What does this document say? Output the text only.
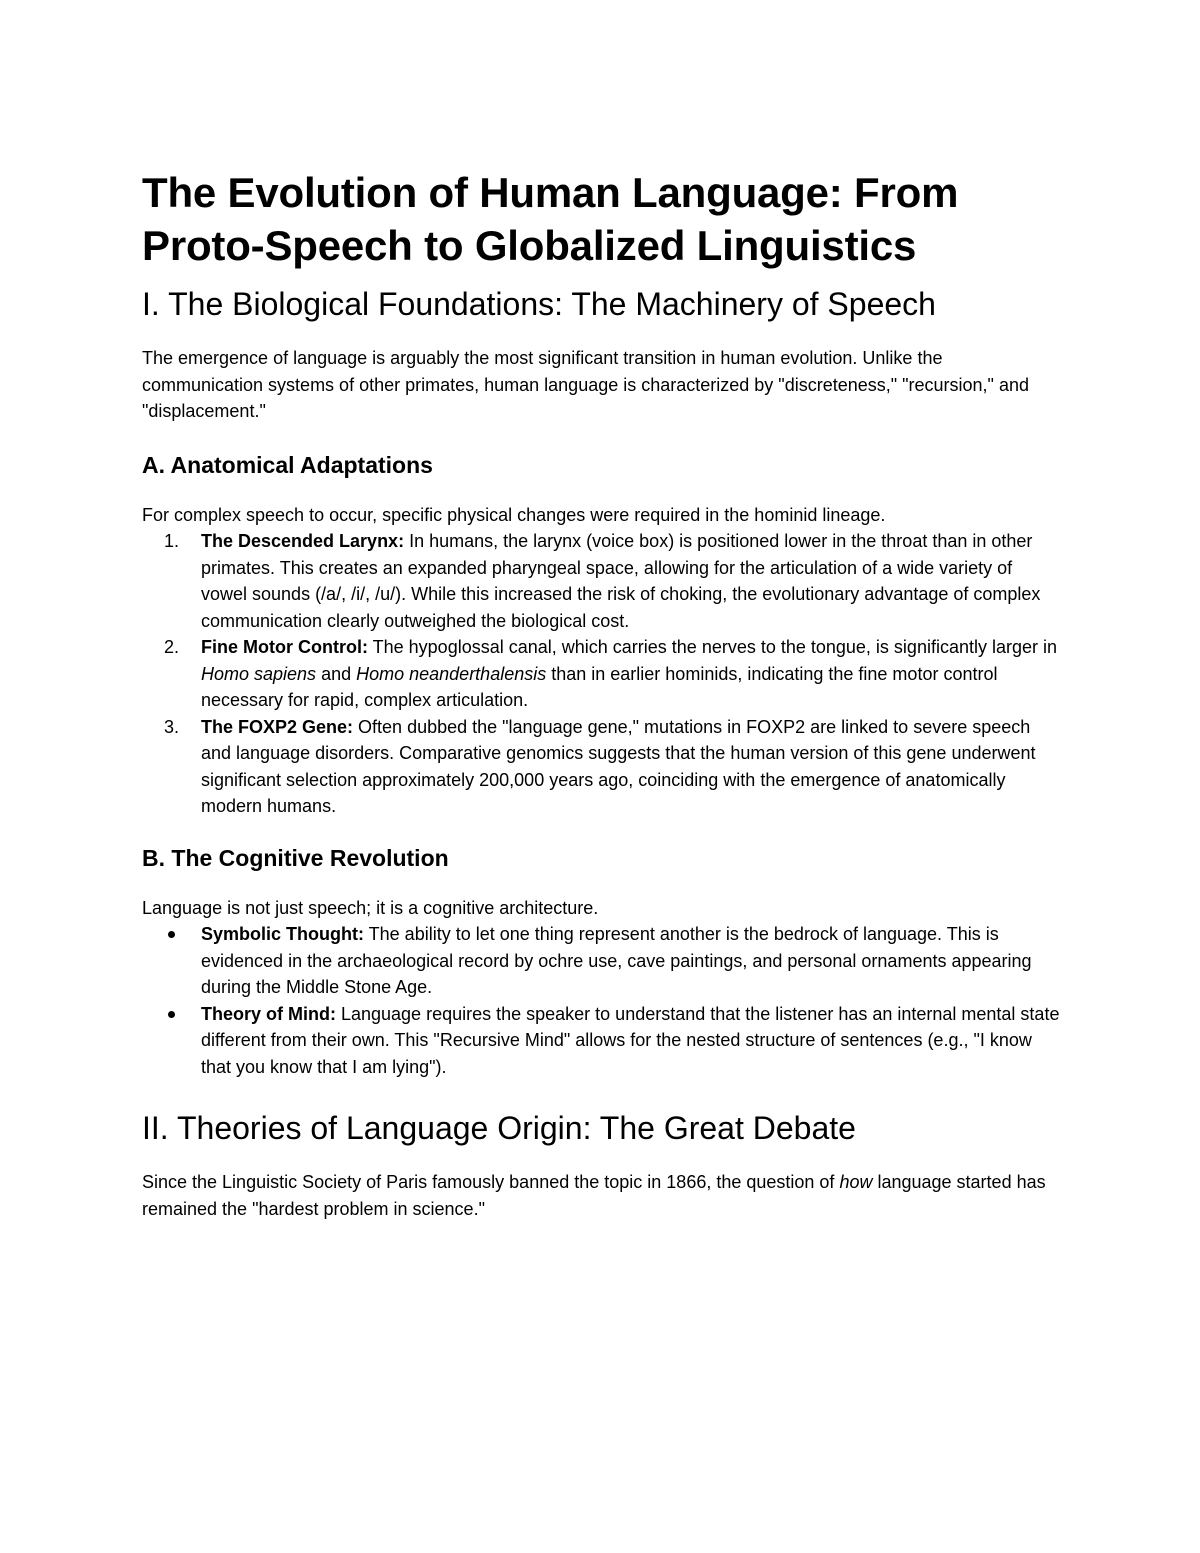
The Evolution of Human Language: From Proto-Speech to Globalized Linguistics
I. The Biological Foundations: The Machinery of Speech

The emergence of language is arguably the most significant transition in human evolution. Unlike the communication systems of other primates, human language is characterized by "discreteness," "recursion," and "displacement."

A. Anatomical Adaptations

For complex speech to occur, specific physical changes were required in the hominid lineage.

1.	The Descended Larynx: In humans, the larynx (voice box) is positioned lower in the throat than in other primates. This creates an expanded pharyngeal space, allowing for the articulation of a wide variety of vowel sounds (/a/, /i/, /u/). While this increased the risk of choking, the evolutionary advantage of complex communication clearly outweighed the biological cost.
2.	Fine Motor Control: The hypoglossal canal, which carries the nerves to the tongue, is significantly larger in Homo sapiens and Homo neanderthalensis than in earlier hominids, indicating the fine motor control necessary for rapid, complex articulation.
3.	The FOXP2 Gene: Often dubbed the "language gene," mutations in FOXP2 are linked to severe speech and language disorders. Comparative genomics suggests that the human version of this gene underwent significant selection approximately 200,000 years ago, coinciding with the emergence of anatomically modern humans.
B. The Cognitive Revolution

Language is not just speech; it is a cognitive architecture.

Symbolic Thought: The ability to let one thing represent another is the bedrock of language. This is evidenced in the archaeological record by ochre use, cave paintings, and personal ornaments appearing during the Middle Stone Age.
Theory of Mind: Language requires the speaker to understand that the listener has an internal mental state different from their own. This "Recursive Mind" allows for the nested structure of sentences (e.g., "I know that you know that I am lying").
II. Theories of Language Origin: The Great Debate

Since the Linguistic Society of Paris famously banned the topic in 1866, the question of how language started has remained the "hardest problem in science."
